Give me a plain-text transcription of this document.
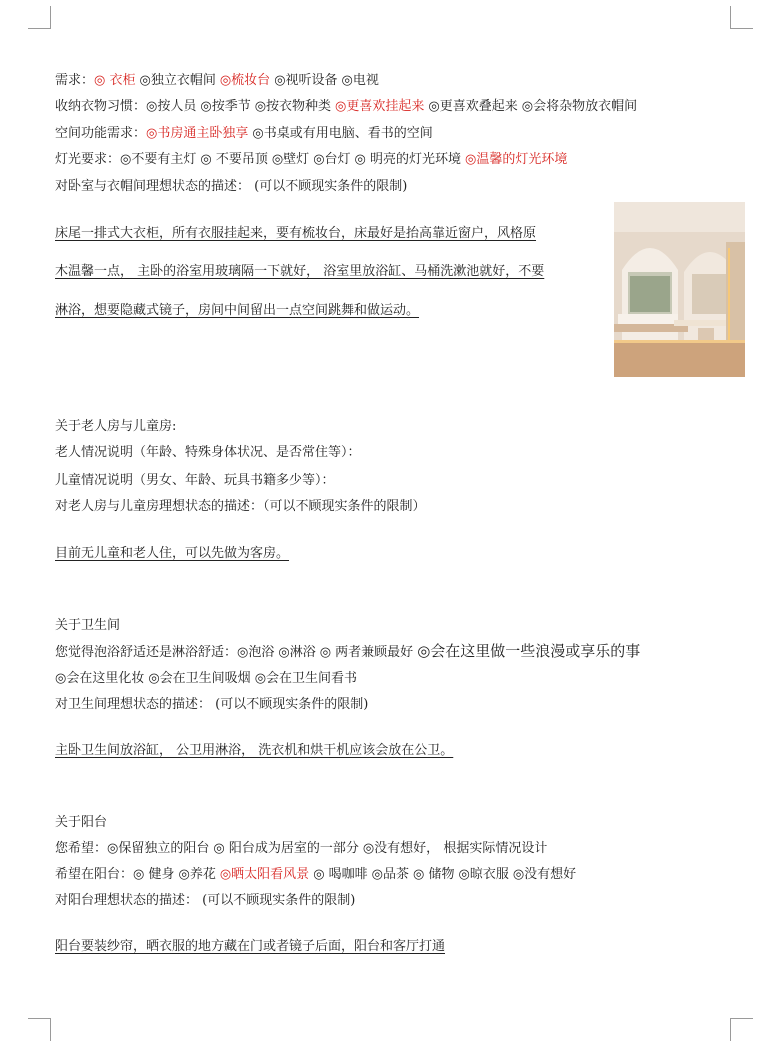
需求：◎ 衣柜 ◎独立衣帽间 ◎梳妆台 ◎视听设备 ◎电视
收纳衣物习惯：◎按人员 ◎按季节 ◎按衣物种类 ◎更喜欢挂起来 ◎更喜欢叠起来 ◎会将杂物放衣帽间
空间功能需求：◎书房通主卧独享 ◎书桌或有用电脑、看书的空间
灯光要求：◎不要有主灯 ◎ 不要吊顶 ◎壁灯 ◎台灯 ◎ 明亮的灯光环境 ◎温馨的灯光环境
对卧室与衣帽间理想状态的描述： (可以不顾现实条件的限制)
床尾一排式大衣柜，所有衣服挂起来，要有梳妆台，床最好是抬高靠近窗户，风格原
木温馨一点， 主卧的浴室用玻璃隔一下就好， 浴室里放浴缸、马桶洗漱池就好，不要
淋浴，想要隐藏式镜子，房间中间留出一点空间跳舞和做运动。
关于老人房与儿童房:
老人情况说明（年龄、特殊身体状况、是否常住等）：
儿童情况说明（男女、年龄、玩具书籍多少等）：
对老人房与儿童房理想状态的描述：（可以不顾现实条件的限制）
目前无儿童和老人住，可以先做为客房。
关于卫生间
您觉得泡浴舒适还是淋浴舒适：◎泡浴 ◎淋浴 ◎ 两者兼顾最好 ◎会在这里做一些浪漫或享乐的事
◎会在这里化妆 ◎会在卫生间吸烟 ◎会在卫生间看书
对卫生间理想状态的描述： (可以不顾现实条件的限制)
主卧卫生间放浴缸， 公卫用淋浴， 洗衣机和烘干机应该会放在公卫。
关于阳台
您希望：◎保留独立的阳台 ◎ 阳台成为居室的一部分 ◎没有想好， 根据实际情况设计
希望在阳台：◎ 健身 ◎养花 ◎晒太阳看风景 ◎ 喝咖啡 ◎品茶 ◎ 储物 ◎晾衣服 ◎没有想好
对阳台理想状态的描述： (可以不顾现实条件的限制)
阳台要装纱帘，晒衣服的地方藏在门或者镜子后面，阳台和客厅打通
